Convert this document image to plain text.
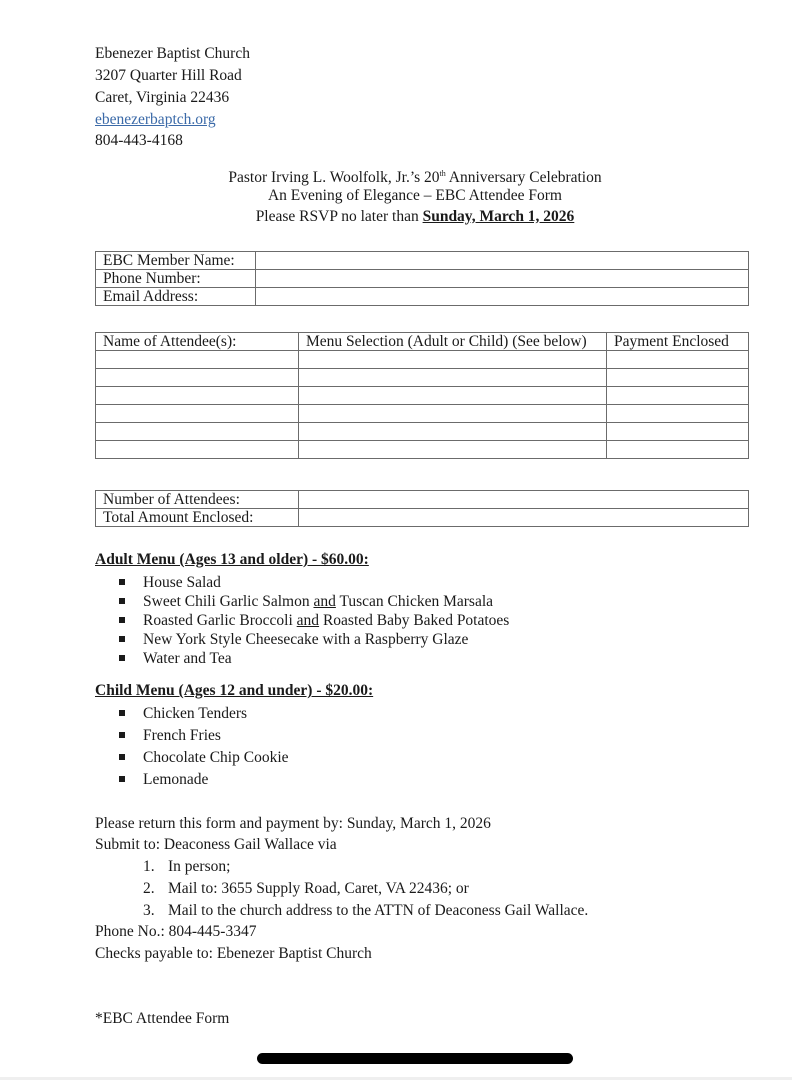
Ebenezer Baptist Church
3207 Quarter Hill Road
Caret, Virginia 22436
ebenezerbaptch.org
804-443-4168
Pastor Irving L. Woolfolk, Jr.’s 20th Anniversary Celebration
An Evening of Elegance – EBC Attendee Form
Please RSVP no later than Sunday, March 1, 2026
EBC Member Name:	
Phone Number:	
Email Address:	
Name of Attendee(s):	Menu Selection (Adult or Child) (See below)	Payment Enclosed

Number of Attendees:	
Total Amount Enclosed:	
Adult Menu (Ages 13 and older) - $60.00:
House Salad
Sweet Chili Garlic Salmon and Tuscan Chicken Marsala
Roasted Garlic Broccoli and Roasted Baby Baked Potatoes
New York Style Cheesecake with a Raspberry Glaze
Water and Tea
Child Menu (Ages 12 and under) - $20.00:
Chicken Tenders
French Fries
Chocolate Chip Cookie
Lemonade
Please return this form and payment by: Sunday, March 1, 2026
Submit to: Deaconess Gail Wallace via
1. In person;
2. Mail to: 3655 Supply Road, Caret, VA 22436; or
3. Mail to the church address to the ATTN of Deaconess Gail Wallace.
Phone No.: 804-445-3347
Checks payable to: Ebenezer Baptist Church
*EBC Attendee Form
